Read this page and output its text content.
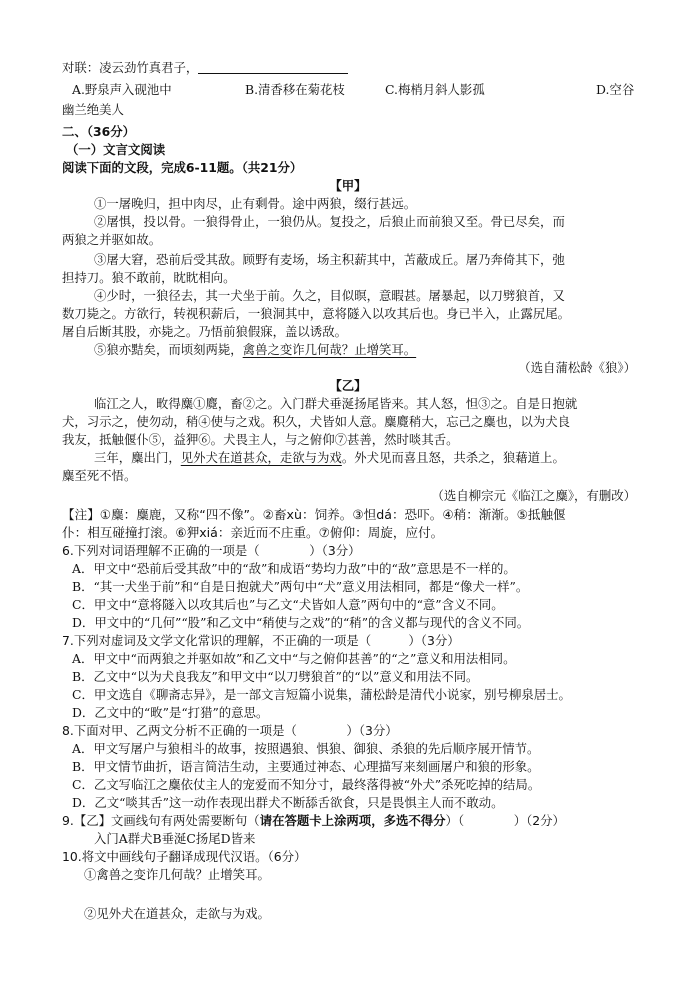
对联：凌云劲竹真君子，
A.野泉声入砚池中	B.清香移在菊花枝	C.梅梢月斜人影孤	D.空谷
幽兰绝美人
二、（36分）
（一）文言文阅读
阅读下面的文段，完成6-11题。（共21分）
【甲】
①一屠晚归，担中肉尽，止有剩骨。途中两狼，缀行甚远。
②屠惧，投以骨。一狼得骨止，一狼仍从。复投之，后狼止而前狼又至。骨已尽矣，而
两狼之并驱如故。
③屠大窘，恐前后受其敌。顾野有麦场，场主积薪其中，苫蔽成丘。屠乃奔倚其下，弛
担持刀。狼不敢前，眈眈相向。
④少时，一狼径去，其一犬坐于前。久之，目似暝，意暇甚。屠暴起，以刀劈狼首，又
数刀毙之。方欲行，转视积薪后，一狼洞其中，意将隧入以攻其后也。身已半入，止露尻尾。
屠自后断其股，亦毙之。乃悟前狼假寐，盖以诱敌。
⑤狼亦黠矣，而顷刻两毙，禽兽之变诈几何哉？止增笑耳。
（选自蒲松龄《狼》）
【乙】
临江之人，畋得麋①麑，畜②之。入门群犬垂涎扬尾皆来。其人怒，怛③之。自是日抱就
犬，习示之，使勿动，稍④使与之戏。积久，犬皆如人意。麋麑稍大，忘己之麋也，以为犬良
我友，抵触偃仆⑤，益狎⑥。犬畏主人，与之俯仰⑦甚善，然时啖其舌。
三年，麋出门，见外犬在道甚众，走欲与为戏。外犬见而喜且怒，共杀之，狼藉道上。
麋至死不悟。
（选自柳宗元《临江之麋》，有删改）
【注】①麋：麋鹿，又称“四不像”。②畜xù：饲养。③怛dá：恐吓。④稍：渐渐。⑤抵触偃
仆：相互碰撞打滚。⑥狎xiá：亲近而不庄重。⑦俯仰：周旋，应付。
6.下列对词语理解不正确的一项是（　　　　）（3分）
A．甲文中“恐前后受其敌”中的“敌”和成语“势均力敌”中的“敌”意思是不一样的。
B．“其一犬坐于前”和“自是日抱就犬”两句中“犬”意义用法相同，都是“像犬一样”。
C．甲文中“意将隧入以攻其后也”与乙文“犬皆如人意”两句中的“意”含义不同。
D．甲文中的“几何”“股”和乙文中“稍使与之戏”的“稍”的含义都与现代的含义不同。
7.下列对虚词及文学文化常识的理解，不正确的一项是（　　　）（3分）
A．甲文中“而两狼之并驱如故”和乙文中“与之俯仰甚善”的“之”意义和用法相同。
B．乙文中“以为犬良我友”和甲文中“以刀劈狼首”的“以”意义和用法不同。
C．甲文选自《聊斋志异》，是一部文言短篇小说集，蒲松龄是清代小说家，别号柳泉居士。
D．乙文中的“畋”是“打猎”的意思。
8.下面对甲、乙两文分析不正确的一项是（　　　　）（3分）
A．甲文写屠户与狼相斗的故事，按照遇狼、惧狼、御狼、杀狼的先后顺序展开情节。
B．甲文情节曲折，语言简洁生动，主要通过神态、心理描写来刻画屠户和狼的形象。
C．乙文写临江之麋依仗主人的宠爱而不知分寸，最终落得被“外犬”杀死吃掉的结局。
D．乙文“啖其舌”这一动作表现出群犬不断舔舌欲食，只是畏惧主人而不敢动。
9.【乙】文画线句有两处需要断句（请在答题卡上涂两项，多选不得分）（　　　　）（2分）
入门A群犬B垂涎C扬尾D皆来
10.将文中画线句子翻译成现代汉语。（6分）
①禽兽之变诈几何哉？止增笑耳。
②见外犬在道甚众，走欲与为戏。
